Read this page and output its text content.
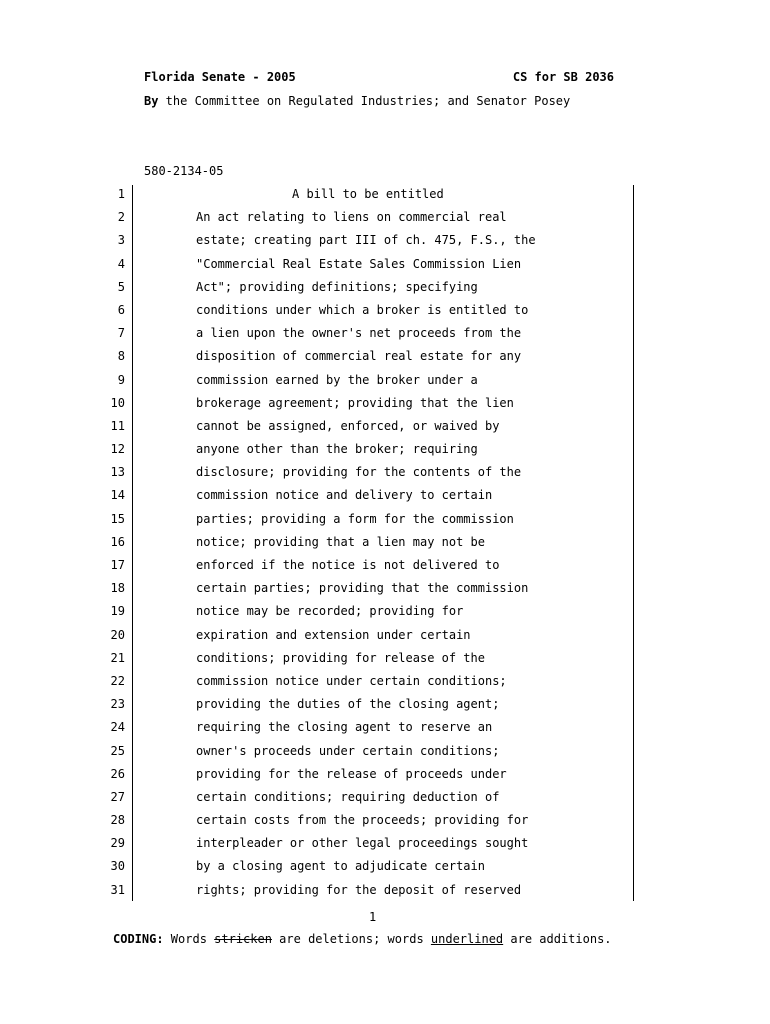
Florida Senate - 2005	CS for SB 2036
By the Committee on Regulated Industries; and Senator Posey
580-2134-05
1	A bill to be entitled
2	An act relating to liens on commercial real
3	estate; creating part III of ch. 475, F.S., the
4	"Commercial Real Estate Sales Commission Lien
5	Act"; providing definitions; specifying
6	conditions under which a broker is entitled to
7	a lien upon the owner's net proceeds from the
8	disposition of commercial real estate for any
9	commission earned by the broker under a
10	brokerage agreement; providing that the lien
11	cannot be assigned, enforced, or waived by
12	anyone other than the broker; requiring
13	disclosure; providing for the contents of the
14	commission notice and delivery to certain
15	parties; providing a form for the commission
16	notice; providing that a lien may not be
17	enforced if the notice is not delivered to
18	certain parties; providing that the commission
19	notice may be recorded; providing for
20	expiration and extension under certain
21	conditions; providing for release of the
22	commission notice under certain conditions;
23	providing the duties of the closing agent;
24	requiring the closing agent to reserve an
25	owner's proceeds under certain conditions;
26	providing for the release of proceeds under
27	certain conditions; requiring deduction of
28	certain costs from the proceeds; providing for
29	interpleader or other legal proceedings sought
30	by a closing agent to adjudicate certain
31	rights; providing for the deposit of reserved
1
CODING: Words stricken are deletions; words underlined are additions.
